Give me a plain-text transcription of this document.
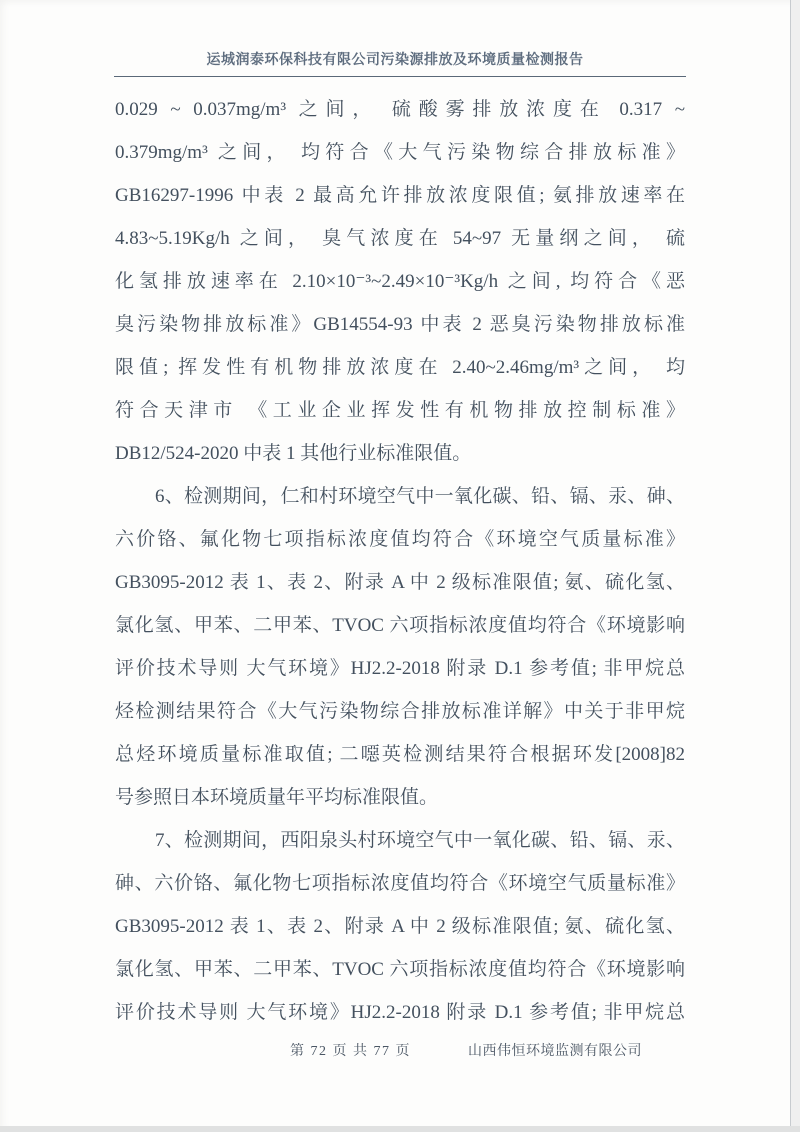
运城润泰环保科技有限公司污染源排放及环境质量检测报告
0.029 ~ 0.037mg/m³ 之间， 硫酸雾排放浓度在 0.317 ~
0.379mg/m³ 之间， 均符合《大气污染物综合排放标准》
GB16297-1996 中表 2 最高允许排放浓度限值; 氨排放速率在
4.83~5.19Kg/h 之间， 臭气浓度在 54~97 无量纲之间， 硫
化氢排放速率在 2.10×10⁻³~2.49×10⁻³Kg/h 之间, 均符合《恶
臭污染物排放标准》GB14554-93 中表 2 恶臭污染物排放标准
限值; 挥发性有机物排放浓度在 2.40~2.46mg/m³之间， 均
符合天津市 《工业企业挥发性有机物排放控制标准》
DB12/524-2020 中表 1 其他行业标准限值。
6、检测期间，仁和村环境空气中一氧化碳、铅、镉、汞、砷、
六价铬、氟化物七项指标浓度值均符合《环境空气质量标准》
GB3095-2012 表 1、表 2、附录 A 中 2 级标准限值; 氨、硫化氢、
氯化氢、甲苯、二甲苯、TVOC 六项指标浓度值均符合《环境影响
评价技术导则 大气环境》HJ2.2-2018 附录 D.1 参考值; 非甲烷总
烃检测结果符合《大气污染物综合排放标准详解》中关于非甲烷
总烃环境质量标准取值; 二噁英检测结果符合根据环发[2008]82
号参照日本环境质量年平均标准限值。
7、检测期间，西阳泉头村环境空气中一氧化碳、铅、镉、汞、
砷、六价铬、氟化物七项指标浓度值均符合《环境空气质量标准》
GB3095-2012 表 1、表 2、附录 A 中 2 级标准限值; 氨、硫化氢、
氯化氢、甲苯、二甲苯、TVOC 六项指标浓度值均符合《环境影响
评价技术导则 大气环境》HJ2.2-2018 附录 D.1 参考值; 非甲烷总
第 72 页 共 77 页	山西伟恒环境监测有限公司
